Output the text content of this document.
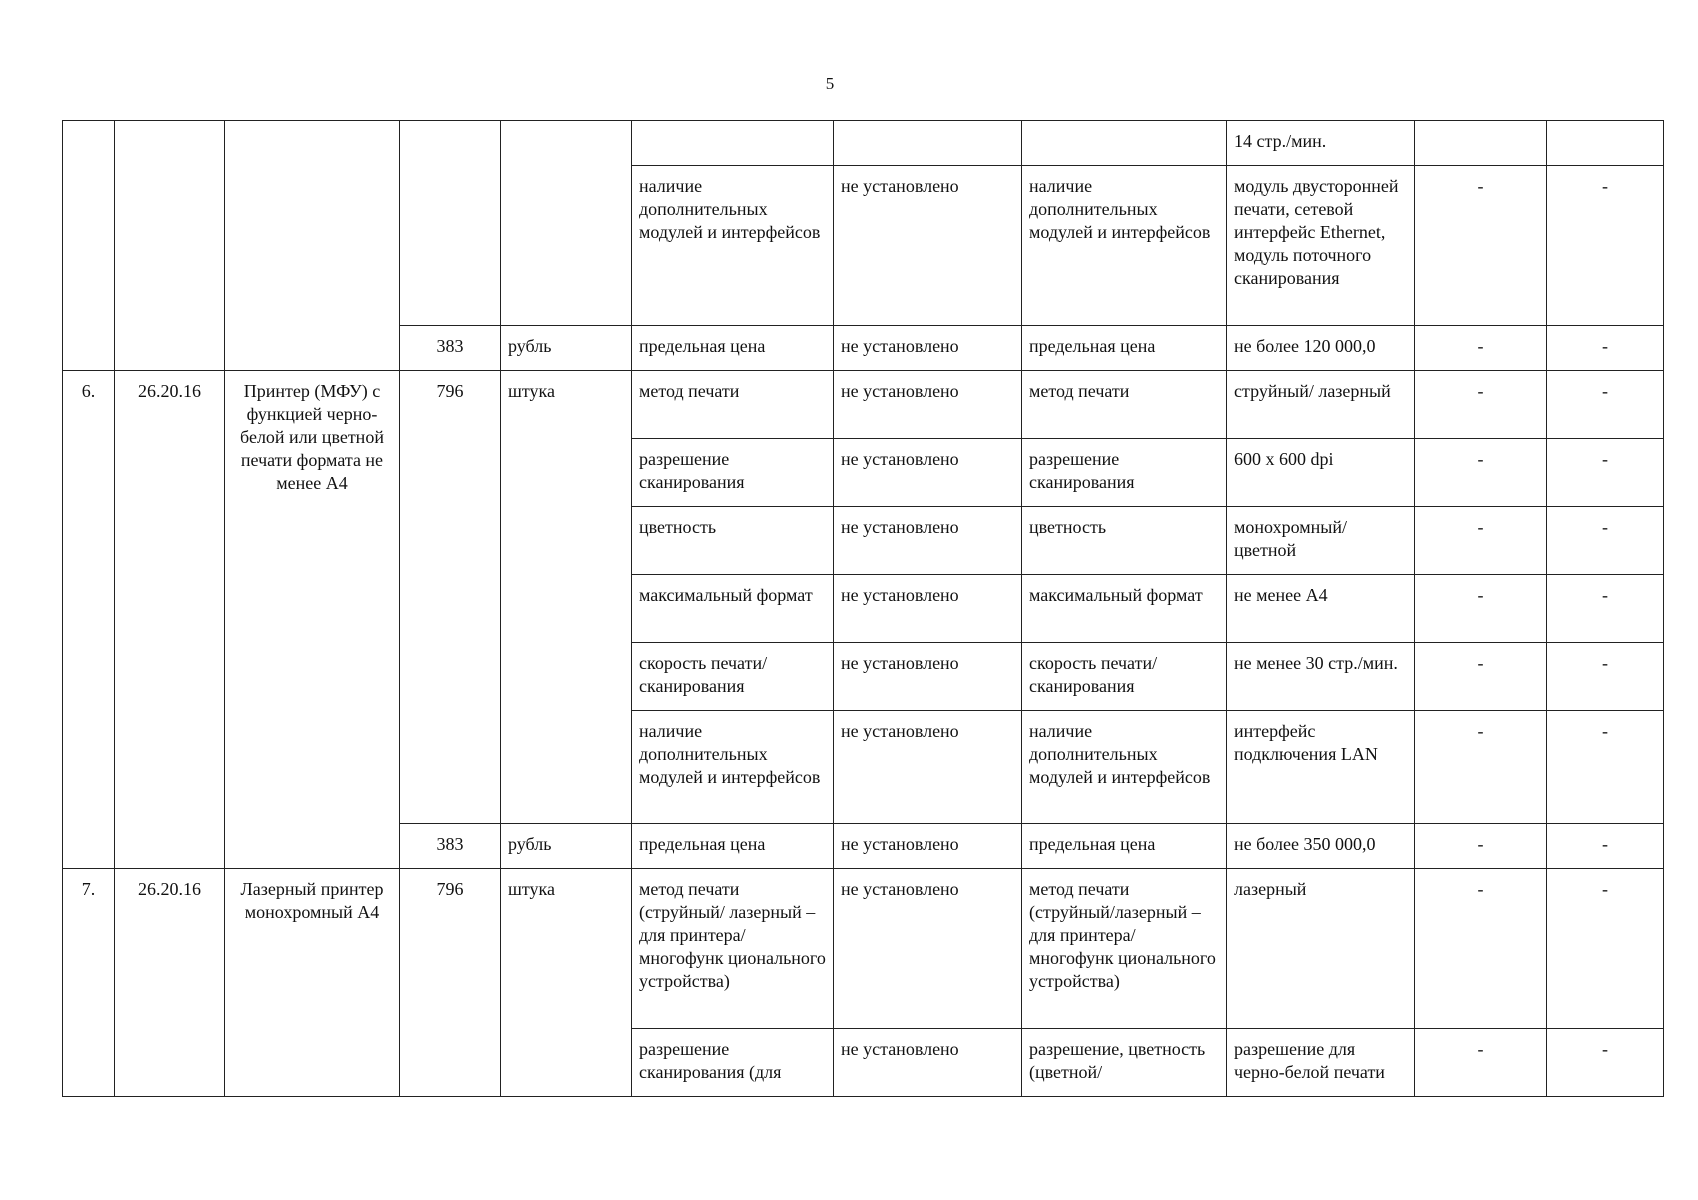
5
								14 стр./мин.		
					наличие дополнительных модулей и интерфейсов	не установлено	наличие дополнительных модулей и интерфейсов	модуль двусторонней печати, сетевой интерфейс Ethernet, модуль поточного сканирования	-	-
			383	рубль	предельная цена	не установлено	предельная цена	не более 120 000,0	-	-
6.	26.20.16	Принтер (МФУ) с функцией черно-белой или цветной печати формата не менее А4	796	штука	метод печати	не установлено	метод печати	струйный/ лазерный	-	-
					разрешение сканирования	не установлено	разрешение сканирования	600 х 600 dpi	-	-
					цветность	не установлено	цветность	монохромный/ цветной	-	-
					максимальный формат	не установлено	максимальный формат	не менее А4	-	-
					скорость печати/ сканирования	не установлено	скорость печати/ сканирования	не менее 30 стр./мин.	-	-
					наличие дополнительных модулей и интерфейсов	не установлено	наличие дополнительных модулей и интерфейсов	интерфейс подключения LAN	-	-
			383	рубль	предельная цена	не установлено	предельная цена	не более 350 000,0	-	-
7.	26.20.16	Лазерный принтер монохромный А4	796	штука	метод печати (струйный/ лазерный – для принтера/многофунк ционального устройства)	не установлено	метод печати (струйный/лазерный – для принтера/многофунк ционального устройства)	лазерный	-	-
					разрешение сканирования (для	не установлено	разрешение, цветность (цветной/	разрешение для черно-белой печати	-	-
